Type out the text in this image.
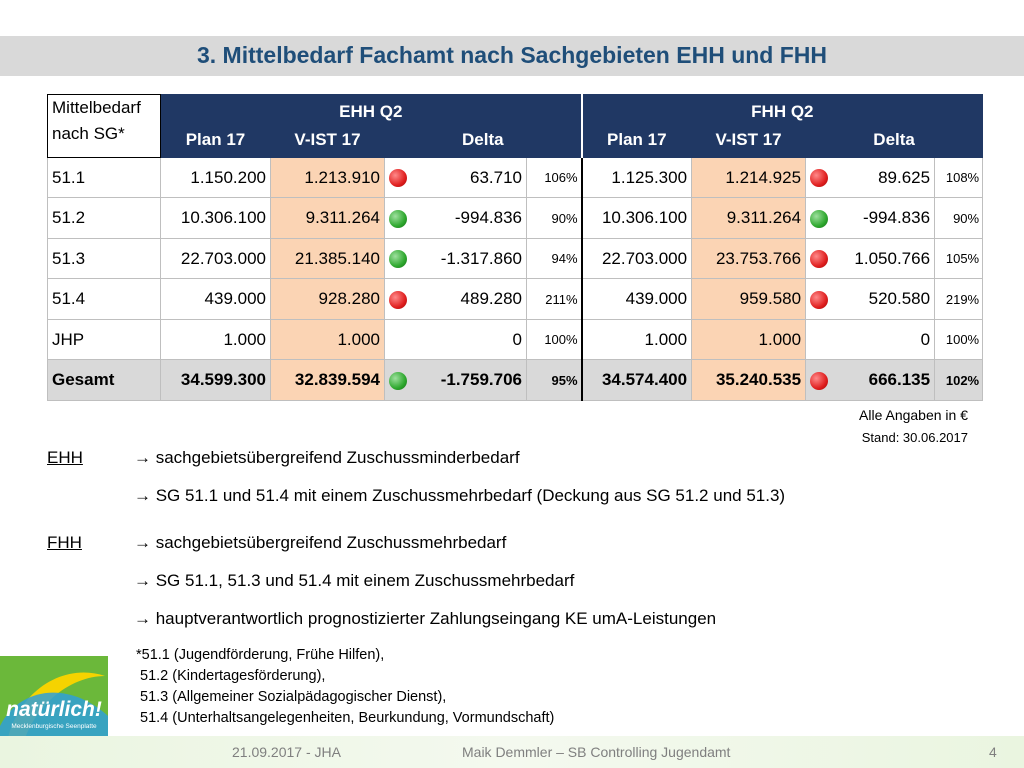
3. Mittelbedarf Fachamt nach Sachgebieten EHH und FHH
Mittelbedarf
nach SG*	EHH Q2					FHH Q2				
	Plan 17	V-IST 17	Delta			Plan 17	V-IST 17	Delta		
51.1	1.150.200	1.213.910		63.710	106%	1.125.300	1.214.925		89.625	108%
51.2	10.306.100	9.311.264		-994.836	90%	10.306.100	9.311.264		-994.836	90%
51.3	22.703.000	21.385.140		-1.317.860	94%	22.703.000	23.753.766		1.050.766	105%
51.4	439.000	928.280		489.280	211%	439.000	959.580		520.580	219%
JHP	1.000	1.000		0	100%	1.000	1.000		0	100%
Gesamt	34.599.300	32.839.594		-1.759.706	95%	34.574.400	35.240.535		666.135	102%
Alle Angaben in €
Stand: 30.06.2017
EHH	→ sachgebietsübergreifend Zuschussminderbedarf
→ SG 51.1 und 51.4 mit einem Zuschussmehrbedarf (Deckung aus SG 51.2 und 51.3)
FHH	→ sachgebietsübergreifend Zuschussmehrbedarf
→ SG 51.1, 51.3 und 51.4 mit einem Zuschussmehrbedarf
→ hauptverantwortlich prognostizierter Zahlungseingang KE umA-Leistungen
*51.1 (Jugendförderung, Frühe Hilfen),
51.2 (Kindertagesförderung),
51.3 (Allgemeiner Sozialpädagogischer Dienst),
51.4 (Unterhaltsangelegenheiten, Beurkundung, Vormundschaft)
natürlich!
Mecklenburgische Seenplatte
21.09.2017 - JHA	Maik Demmler – SB Controlling Jugendamt	4
